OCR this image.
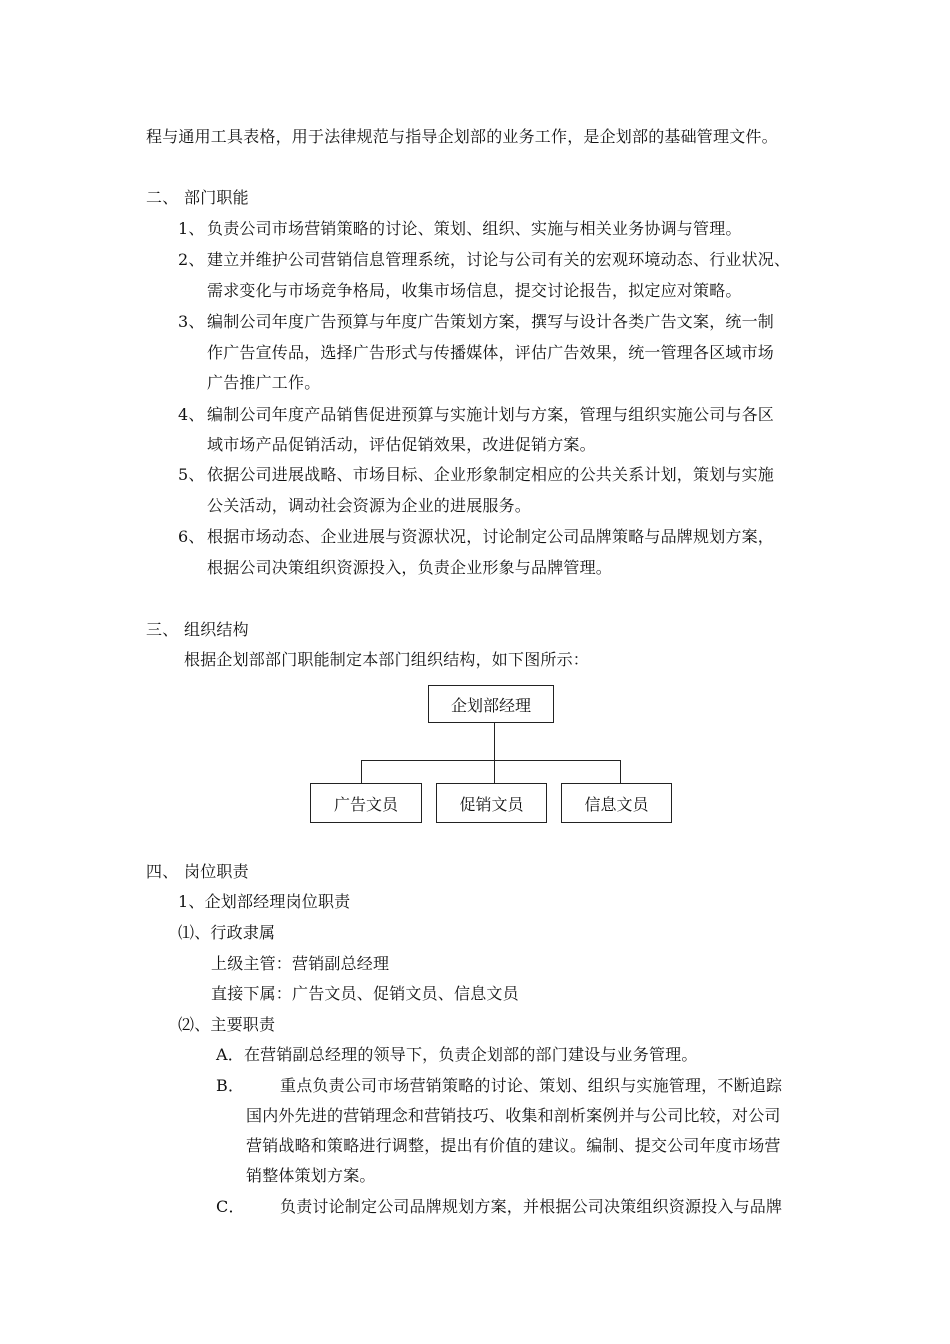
程与通用工具表格，用于法律规范与指导企划部的业务工作，是企划部的基础管理文件。
二、 部门职能
1、 负责公司市场营销策略的讨论、策划、组织、实施与相关业务协调与管理。
2、 建立并维护公司营销信息管理系统，讨论与公司有关的宏观环境动态、行业状况、
需求变化与市场竞争格局，收集市场信息，提交讨论报告，拟定应对策略。
3、 编制公司年度广告预算与年度广告策划方案，撰写与设计各类广告文案，统一制
作广告宣传品，选择广告形式与传播媒体，评估广告效果，统一管理各区域市场
广告推广工作。
4、 编制公司年度产品销售促进预算与实施计划与方案，管理与组织实施公司与各区
域市场产品促销活动，评估促销效果，改进促销方案。
5、 依据公司进展战略、市场目标、企业形象制定相应的公共关系计划，策划与实施
公关活动，调动社会资源为企业的进展服务。
6、 根据市场动态、企业进展与资源状况，讨论制定公司品牌策略与品牌规划方案，
根据公司决策组织资源投入，负责企业形象与品牌管理。
三、 组织结构
根据企划部部门职能制定本部门组织结构，如下图所示：
企划部经理
广告文员	促销文员	信息文员
四、 岗位职责
1、企划部经理岗位职责
⑴、行政隶属
上级主管：营销副总经理
直接下属：广告文员、促销文员、信息文员
⑵、主要职责
A．在营销副总经理的领导下，负责企划部的部门建设与业务管理。
B． 重点负责公司市场营销策略的讨论、策划、组织与实施管理，不断追踪
国内外先进的营销理念和营销技巧、收集和剖析案例并与公司比较，对公司
营销战略和策略进行调整，提出有价值的建议。编制、提交公司年度市场营
销整体策划方案。
C． 负责讨论制定公司品牌规划方案，并根据公司决策组织资源投入与品牌
